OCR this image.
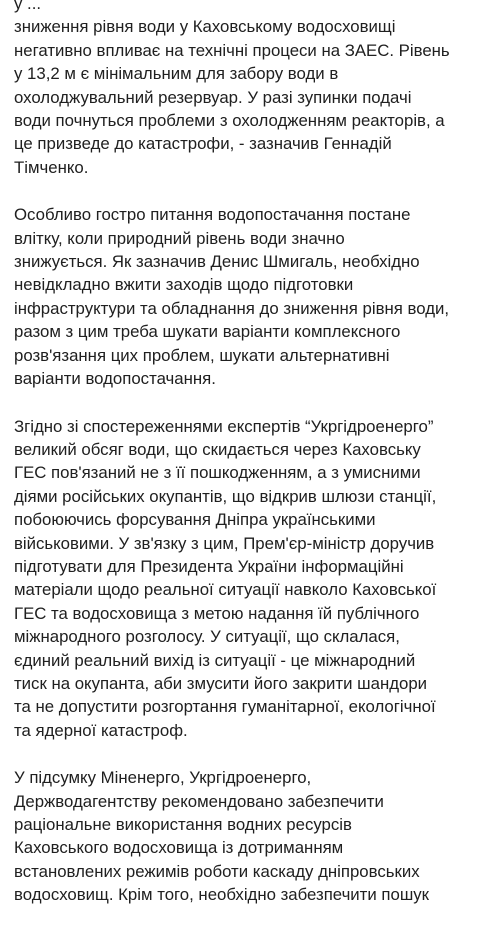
у ...
зниження рівня води у Каховському водосховищі
негативно впливає на технічні процеси на ЗАЕС. Рівень
у 13,2 м є мінімальним для забору води в
охолоджувальний резервуар. У разі зупинки подачі
води почнуться проблеми з охолодженням реакторів, а
це призведе до катастрофи, - зазначив Геннадій
Тімченко.

Особливо гостро питання водопостачання постане
влітку, коли природний рівень води значно
знижується. Як зазначив Денис Шмигаль, необхідно
невідкладно вжити заходів щодо підготовки
інфраструктури та обладнання до зниження рівня води,
разом з цим треба шукати варіанти комплексного
розв'язання цих проблем, шукати альтернативні
варіанти водопостачання.

Згідно зі спостереженнями експертів “Укргідроенерго”
великий обсяг води, що скидається через Каховську
ГЕС пов'язаний не з її пошкодженням, а з умисними
діями російських окупантів, що відкрив шлюзи станції,
побоюючись форсування Дніпра українськими
військовими. У зв'язку з цим, Прем'єр-міністр доручив
підготувати для Президента України інформаційні
матеріали щодо реальної ситуації навколо Каховської
ГЕС та водосховища з метою надання їй публічного
міжнародного розголосу. У ситуації, що склалася,
єдиний реальний вихід із ситуації - це міжнародний
тиск на окупанта, аби змусити його закрити шандори
та не допустити розгортання гуманітарної, екологічної
та ядерної катастроф.

У підсумку Міненерго, Укргідроенерго,
Держводагентству рекомендовано забезпечити
раціональне використання водних ресурсів
Каховського водосховища із дотриманням
встановлених режимів роботи каскаду дніпровських
водосховищ. Крім того, необхідно забезпечити пошук
